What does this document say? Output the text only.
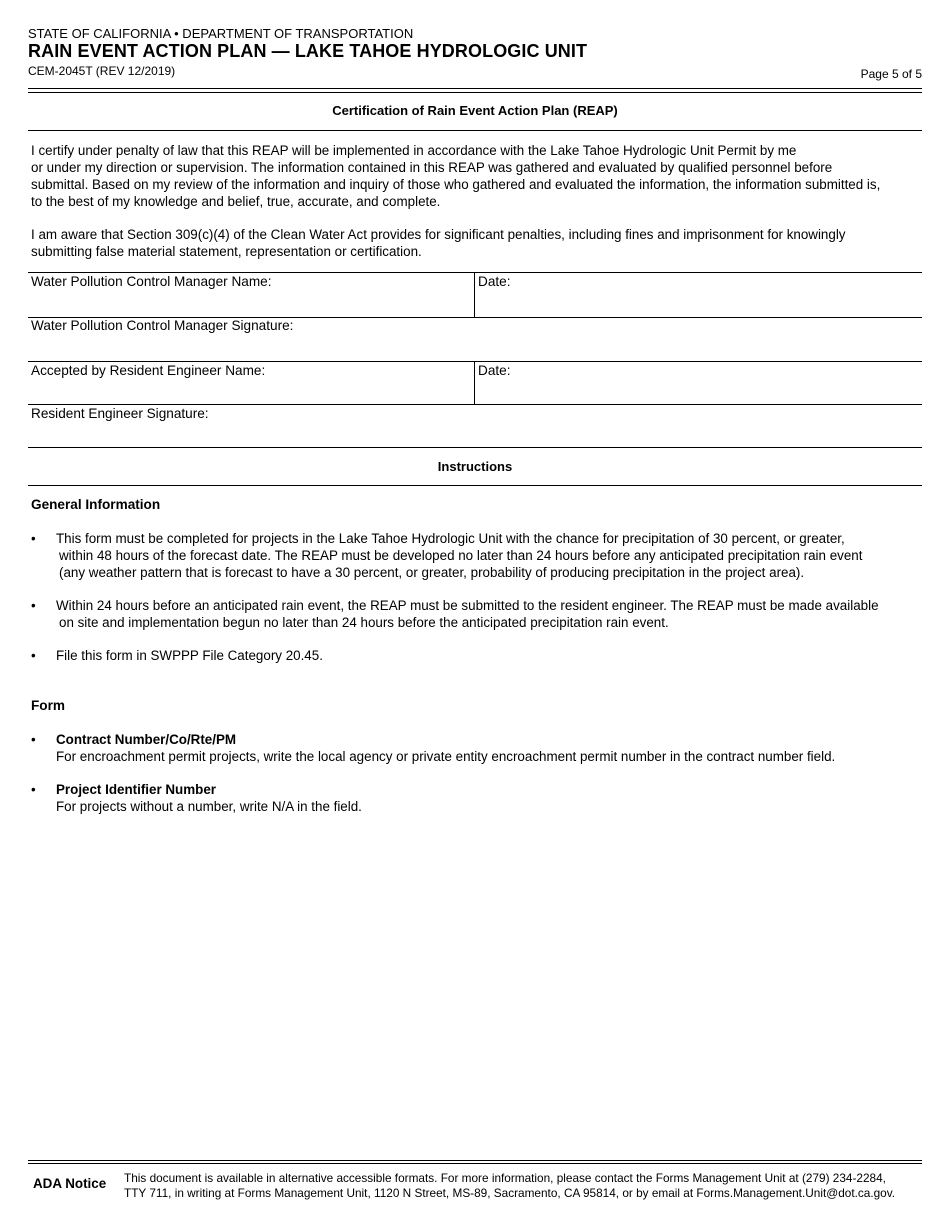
STATE OF CALIFORNIA • DEPARTMENT OF TRANSPORTATION
RAIN EVENT ACTION PLAN — LAKE TAHOE HYDROLOGIC UNIT
CEM-2045T (REV 12/2019)	Page 5 of 5
Certification of Rain Event Action Plan (REAP)
I certify under penalty of law that this REAP will be implemented in accordance with the Lake Tahoe Hydrologic Unit Permit by me
or under my direction or supervision. The information contained in this REAP was gathered and evaluated by qualified personnel before
submittal. Based on my review of the information and inquiry of those who gathered and evaluated the information, the information submitted is,
to the best of my knowledge and belief, true, accurate, and complete.
I am aware that Section 309(c)(4) of the Clean Water Act provides for significant penalties, including fines and imprisonment for knowingly
submitting false material statement, representation or certification.
Water Pollution Control Manager Name:	Date:
Water Pollution Control Manager Signature:
Accepted by Resident Engineer Name:	Date:
Resident Engineer Signature:
Instructions
General Information
• This form must be completed for projects in the Lake Tahoe Hydrologic Unit with the chance for precipitation of 30 percent, or greater,
within 48 hours of the forecast date. The REAP must be developed no later than 24 hours before any anticipated precipitation rain event
(any weather pattern that is forecast to have a 30 percent, or greater, probability of producing precipitation in the project area).
• Within 24 hours before an anticipated rain event, the REAP must be submitted to the resident engineer. The REAP must be made available
on site and implementation begun no later than 24 hours before the anticipated precipitation rain event.
• File this form in SWPPP File Category 20.45.
Form
• Contract Number/Co/Rte/PM
For encroachment permit projects, write the local agency or private entity encroachment permit number in the contract number field.
• Project Identifier Number
For projects without a number, write N/A in the field.
ADA Notice This document is available in alternative accessible formats. For more information, please contact the Forms Management Unit at (279) 234-2284,
TTY 711, in writing at Forms Management Unit, 1120 N Street, MS-89, Sacramento, CA 95814, or by email at Forms.Management.Unit@dot.ca.gov.
